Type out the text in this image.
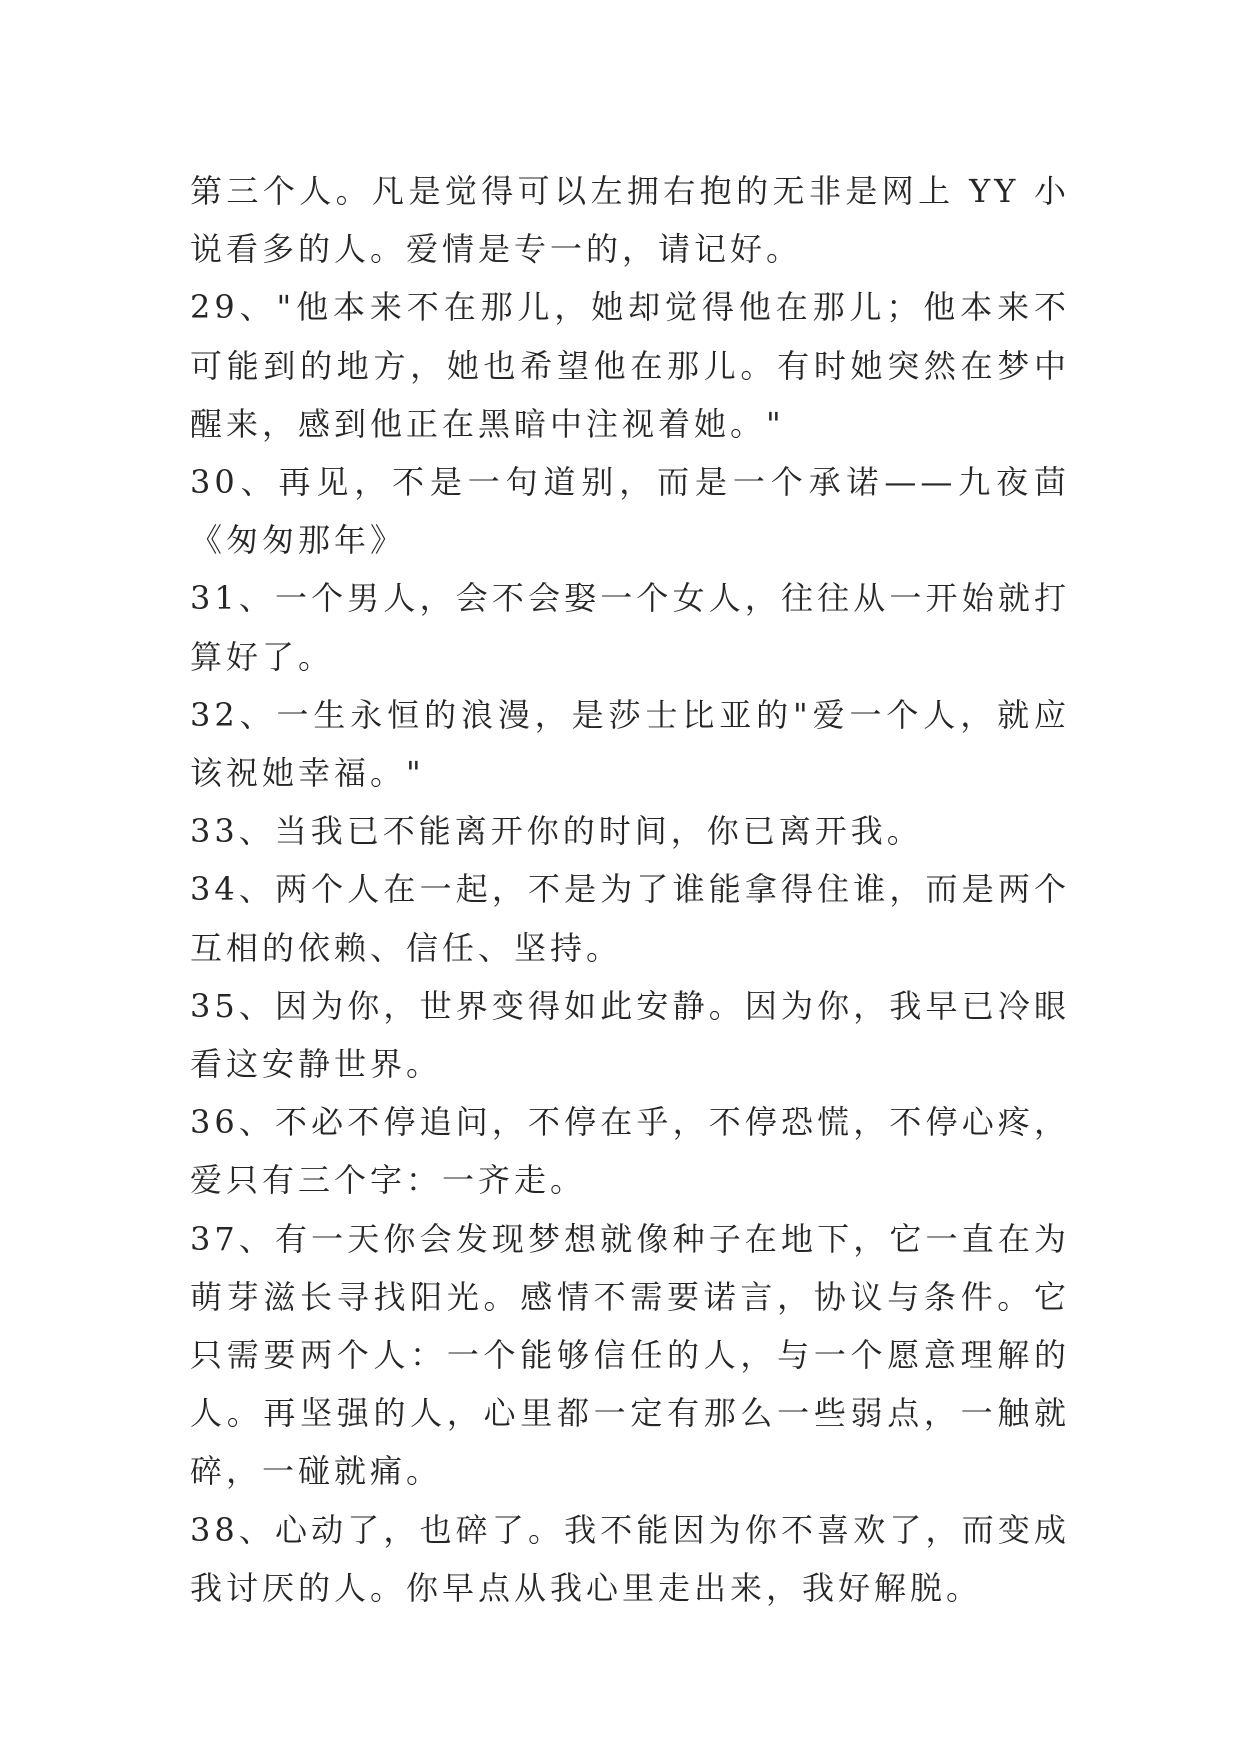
第三个人。凡是觉得可以左拥右抱的无非是网上 YY 小说看多的人。爱情是专一的，请记好。

29、"他本来不在那儿，她却觉得他在那儿；他本来不可能到的地方，她也希望他在那儿。有时她突然在梦中醒来，感到他正在黑暗中注视着她。"

30、再见，不是一句道别，而是一个承诺——九夜茴《匆匆那年》

31、一个男人，会不会娶一个女人，往往从一开始就打算好了。

32、一生永恒的浪漫，是莎士比亚的"爱一个人，就应该祝她幸福。"

33、当我已不能离开你的时间，你已离开我。

34、两个人在一起，不是为了谁能拿得住谁，而是两个互相的依赖、信任、坚持。

35、因为你，世界变得如此安静。因为你，我早已冷眼看这安静世界。

36、不必不停追问，不停在乎，不停恐慌，不停心疼，爱只有三个字：一齐走。

37、有一天你会发现梦想就像种子在地下，它一直在为萌芽滋长寻找阳光。感情不需要诺言，协议与条件。它只需要两个人：一个能够信任的人，与一个愿意理解的人。再坚强的人，心里都一定有那么一些弱点，一触就碎，一碰就痛。

38、心动了，也碎了。我不能因为你不喜欢了，而变成我讨厌的人。你早点从我心里走出来，我好解脱。
